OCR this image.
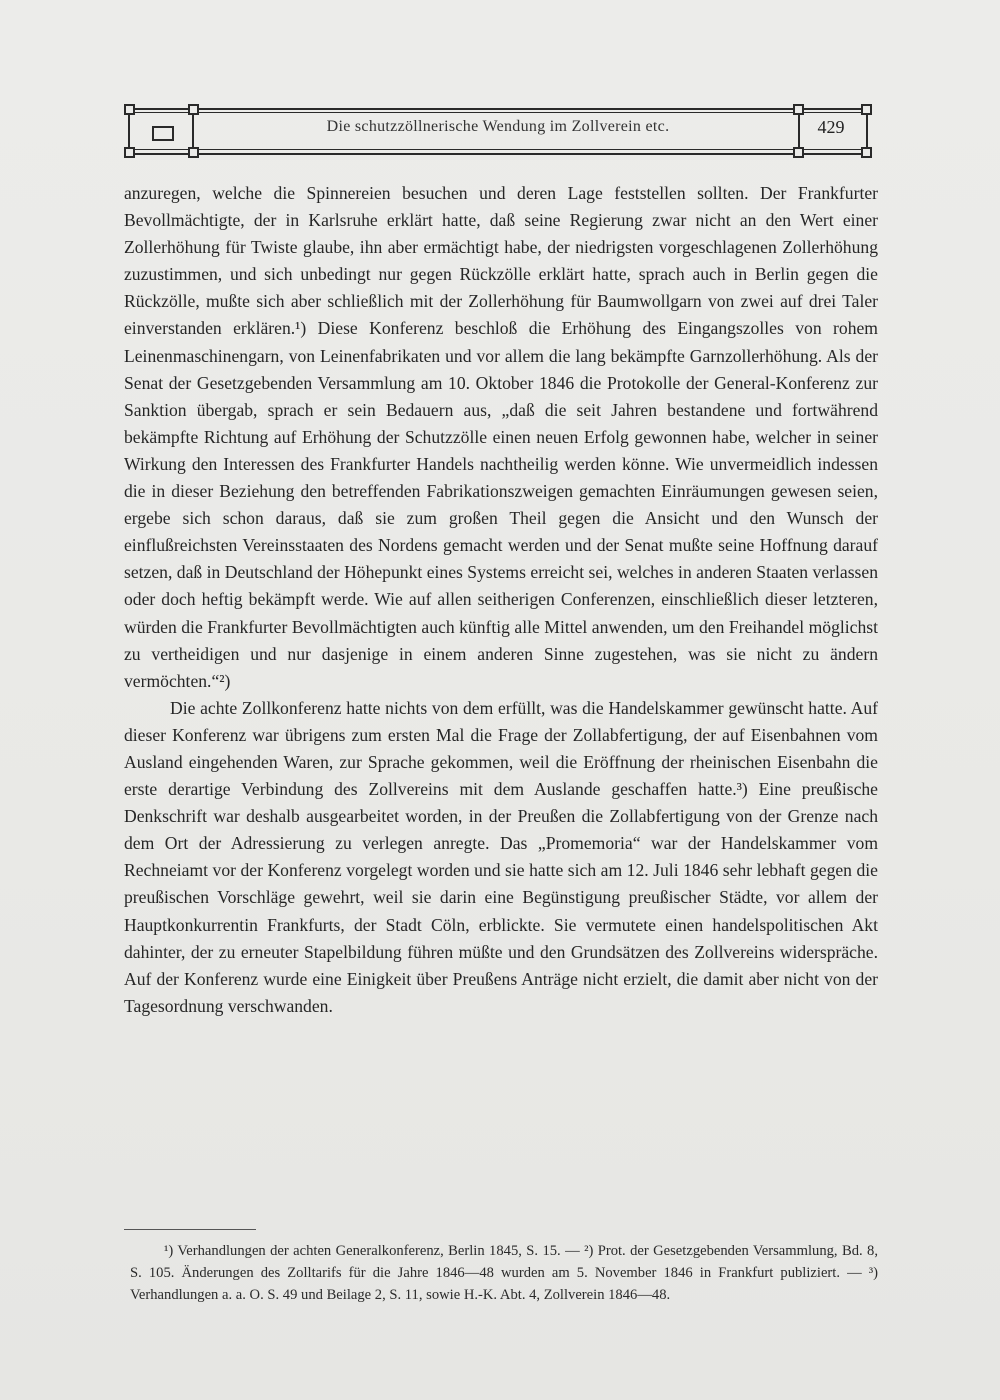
Die schutzzöllnerische Wendung im Zollverein etc.	429

anzuregen, welche die Spinnereien besuchen und deren Lage feststellen sollten. Der Frankfurter Bevollmächtigte, der in Karlsruhe erklärt hatte, daß seine Regierung zwar nicht an den Wert einer Zollerhöhung für Twiste glaube, ihn aber ermächtigt habe, der niedrigsten vorgeschlagenen Zollerhöhung zuzustimmen, und sich unbedingt nur gegen Rückzölle erklärt hatte, sprach auch in Berlin gegen die Rückzölle, mußte sich aber schließlich mit der Zollerhöhung für Baumwollgarn von zwei auf drei Taler einverstanden erklären.¹) Diese Konferenz beschloß die Erhöhung des Eingangszolles von rohem Leinenmaschinengarn, von Leinenfabrikaten und vor allem die lang bekämpfte Garnzollerhöhung. Als der Senat der Gesetzgebenden Versammlung am 10. Oktober 1846 die Protokolle der General-Konferenz zur Sanktion übergab, sprach er sein Bedauern aus, „daß die seit Jahren bestandene und fortwährend bekämpfte Richtung auf Erhöhung der Schutzzölle einen neuen Erfolg gewonnen habe, welcher in seiner Wirkung den Interessen des Frankfurter Handels nachtheilig werden könne. Wie unvermeidlich indessen die in dieser Beziehung den betreffenden Fabrikationszweigen gemachten Einräumungen gewesen seien, ergebe sich schon daraus, daß sie zum großen Theil gegen die Ansicht und den Wunsch der einflußreichsten Vereinsstaaten des Nordens gemacht werden und der Senat mußte seine Hoffnung darauf setzen, daß in Deutschland der Höhepunkt eines Systems erreicht sei, welches in anderen Staaten verlassen oder doch heftig bekämpft werde. Wie auf allen seitherigen Conferenzen, einschließlich dieser letzteren, würden die Frankfurter Bevollmächtigten auch künftig alle Mittel anwenden, um den Freihandel möglichst zu vertheidigen und nur dasjenige in einem anderen Sinne zugestehen, was sie nicht zu ändern vermöchten.“²)

Die achte Zollkonferenz hatte nichts von dem erfüllt, was die Handelskammer gewünscht hatte. Auf dieser Konferenz war übrigens zum ersten Mal die Frage der Zollabfertigung, der auf Eisenbahnen vom Ausland eingehenden Waren, zur Sprache gekommen, weil die Eröffnung der rheinischen Eisenbahn die erste derartige Verbindung des Zollvereins mit dem Auslande geschaffen hatte.³) Eine preußische Denkschrift war deshalb ausgearbeitet worden, in der Preußen die Zollabfertigung von der Grenze nach dem Ort der Adressierung zu verlegen anregte. Das „Promemoria“ war der Handelskammer vom Rechneiamt vor der Konferenz vorgelegt worden und sie hatte sich am 12. Juli 1846 sehr lebhaft gegen die preußischen Vorschläge gewehrt, weil sie darin eine Begünstigung preußischer Städte, vor allem der Hauptkonkurrentin Frankfurts, der Stadt Cöln, erblickte. Sie vermutete einen handelspolitischen Akt dahinter, der zu erneuter Stapelbildung führen müßte und den Grundsätzen des Zollvereins widerspräche. Auf der Konferenz wurde eine Einigkeit über Preußens Anträge nicht erzielt, die damit aber nicht von der Tagesordnung verschwanden.

¹) Verhandlungen der achten Generalkonferenz, Berlin 1845, S. 15. — ²) Prot. der Gesetzgebenden Versammlung, Bd. 8, S. 105. Änderungen des Zolltarifs für die Jahre 1846—48 wurden am 5. November 1846 in Frankfurt publiziert. — ³) Verhandlungen a. a. O. S. 49 und Beilage 2, S. 11, sowie H.-K. Abt. 4, Zollverein 1846—48.
